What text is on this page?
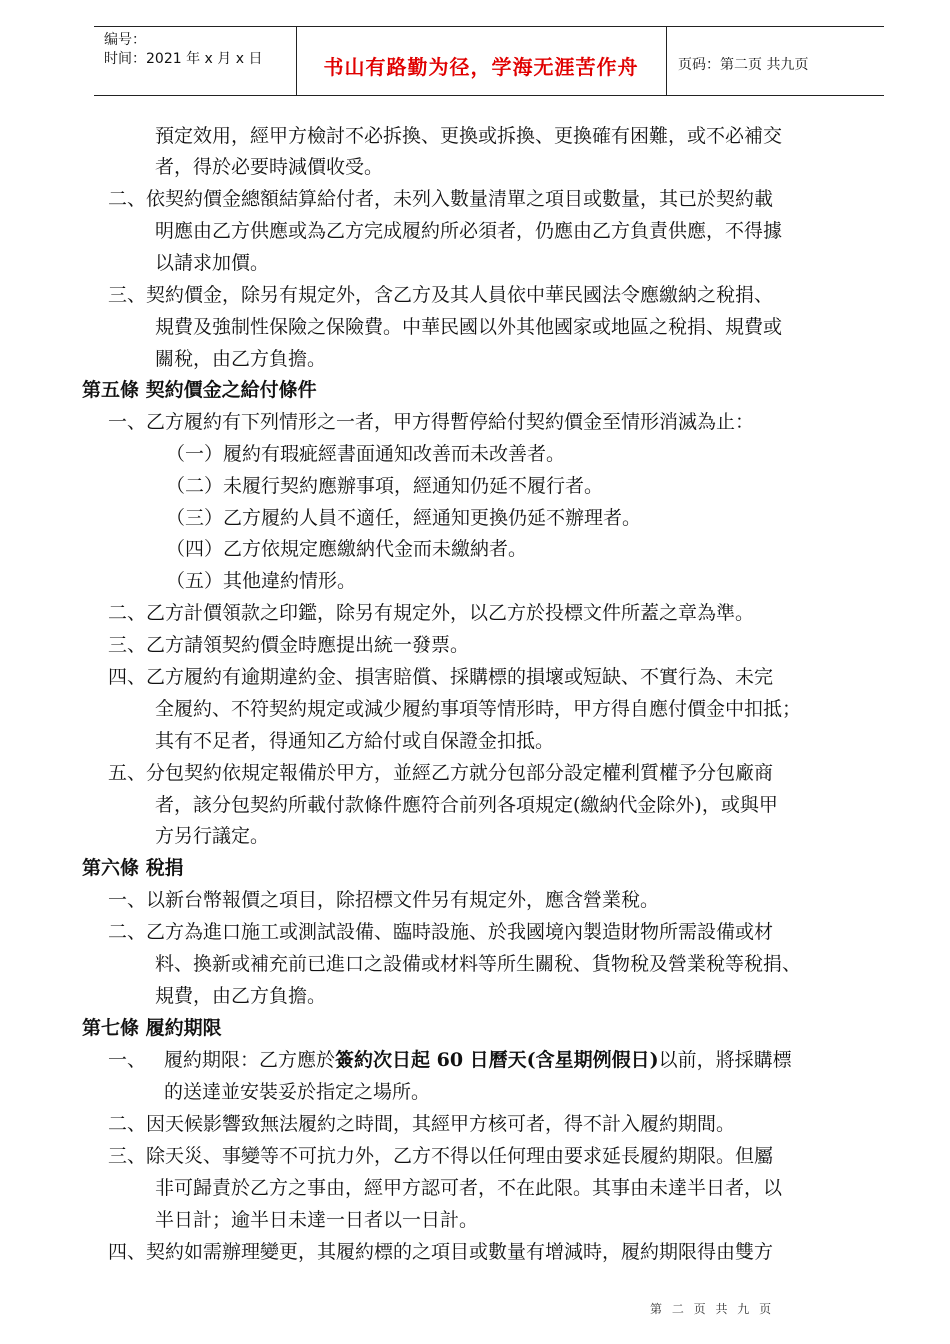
编号：
时间：2021 年 x 月 x 日	书山有路勤为径，学海无涯苦作舟	页码：第二页 共九页
預定效用，經甲方檢討不必拆換、更換或拆換、更換確有困難，或不必補交
者，得於必要時減價收受。
二、依契約價金總額結算給付者，未列入數量清單之項目或數量，其已於契約載
明應由乙方供應或為乙方完成履約所必須者，仍應由乙方負責供應，不得據
以請求加價。
三、契約價金，除另有規定外，含乙方及其人員依中華民國法令應繳納之稅捐、
規費及強制性保險之保險費。中華民國以外其他國家或地區之稅捐、規費或
關稅，由乙方負擔。
第五條 契約價金之給付條件
一、乙方履約有下列情形之一者，甲方得暫停給付契約價金至情形消滅為止：
（一）履約有瑕疵經書面通知改善而未改善者。
（二）未履行契約應辦事項，經通知仍延不履行者。
（三）乙方履約人員不適任，經通知更換仍延不辦理者。
（四）乙方依規定應繳納代金而未繳納者。
（五）其他違約情形。
二、乙方計價領款之印鑑，除另有規定外，以乙方於投標文件所蓋之章為準。
三、乙方請領契約價金時應提出統一發票。
四、乙方履約有逾期違約金、損害賠償、採購標的損壞或短缺、不實行為、未完
全履約、不符契約規定或減少履約事項等情形時，甲方得自應付價金中扣抵；
其有不足者，得通知乙方給付或自保證金扣抵。
五、分包契約依規定報備於甲方，並經乙方就分包部分設定權利質權予分包廠商
者，該分包契約所載付款條件應符合前列各項規定(繳納代金除外)，或與甲
方另行議定。
第六條 稅捐
一、以新台幣報價之項目，除招標文件另有規定外，應含營業稅。
二、乙方為進口施工或測試設備、臨時設施、於我國境內製造財物所需設備或材
料、換新或補充前已進口之設備或材料等所生關稅、貨物稅及營業稅等稅捐、
規費，由乙方負擔。
第七條 履約期限
一、 履約期限：乙方應於簽約次日起 60 日曆天(含星期例假日)以前，將採購標
的送達並安裝妥於指定之場所。
二、因天候影響致無法履約之時間，其經甲方核可者，得不計入履約期間。
三、除天災、事變等不可抗力外，乙方不得以任何理由要求延長履約期限。但屬
非可歸責於乙方之事由，經甲方認可者，不在此限。其事由未達半日者，以
半日計；逾半日未達一日者以一日計。
四、契約如需辦理變更，其履約標的之項目或數量有增減時，履約期限得由雙方
第 二 页 共 九 页
